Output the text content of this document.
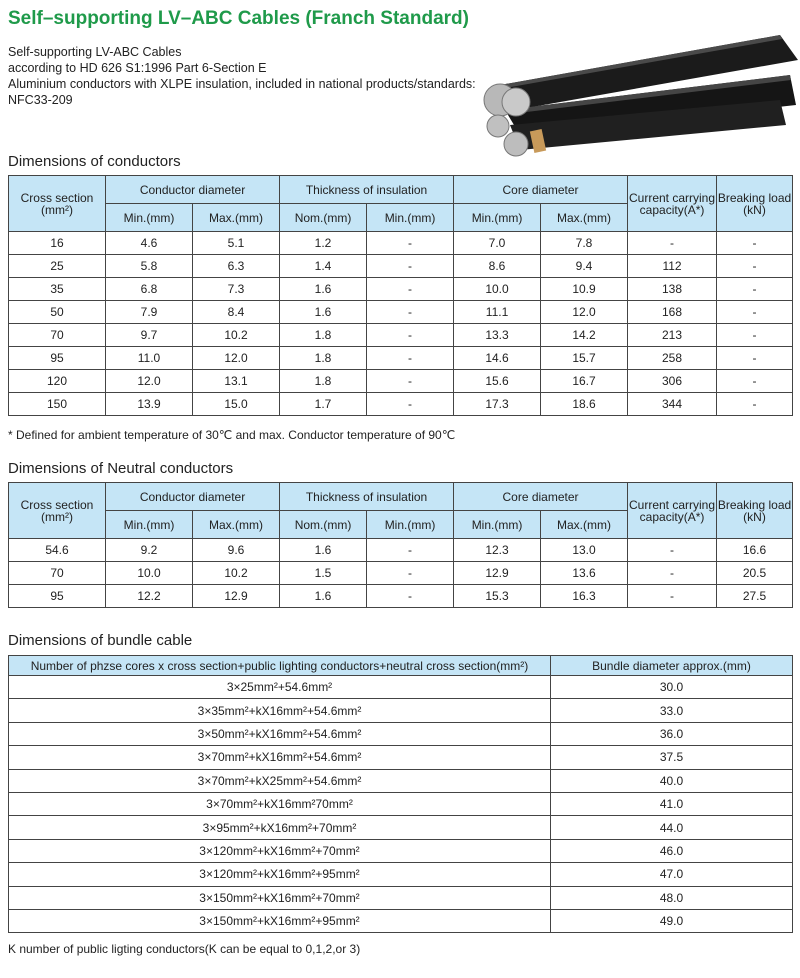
Self–supporting LV–ABC Cables (Franch Standard)
Self-supporting LV-ABC Cables
according to HD 626 S1:1996 Part 6-Section E
Aluminium conductors with XLPE insulation, included in national products/standards:
NFC33-209
Dimensions of conductors
Cross section
(mm²)	Conductor diameter		Thickness of insulation		Core diameter		Current carrying capacity(A*)	Breaking load
(kN)
	Min.(mm)	Max.(mm)	Nom.(mm)	Min.(mm)	Min.(mm)	Max.(mm)		
16	4.6	5.1	1.2	-	7.0	7.8	-	-
25	5.8	6.3	1.4	-	8.6	9.4	112	-
35	6.8	7.3	1.6	-	10.0	10.9	138	-
50	7.9	8.4	1.6	-	11.1	12.0	168	-
70	9.7	10.2	1.8	-	13.3	14.2	213	-
95	11.0	12.0	1.8	-	14.6	15.7	258	-
120	12.0	13.1	1.8	-	15.6	16.7	306	-
150	13.9	15.0	1.7	-	17.3	18.6	344	-

* Defined for ambient temperature of 30℃ and max. Conductor temperature of 90℃

Dimensions of Neutral conductors
Cross section
(mm²)	Conductor diameter		Thickness of insulation		Core diameter		Current carrying capacity(A*)	Breaking load
(kN)
	Min.(mm)	Max.(mm)	Nom.(mm)	Min.(mm)	Min.(mm)	Max.(mm)		
54.6	9.2	9.6	1.6	-	12.3	13.0	-	16.6
70	10.0	10.2	1.5	-	12.9	13.6	-	20.5
95	12.2	12.9	1.6	-	15.3	16.3	-	27.5
Dimensions of bundle cable
Number of phzse cores x cross section+public lighting conductors+neutral cross section(mm²)	Bundle diameter approx.(mm)
3×25mm²+54.6mm²	30.0
3×35mm²+kX16mm²+54.6mm²	33.0
3×50mm²+kX16mm²+54.6mm²	36.0
3×70mm²+kX16mm²+54.6mm²	37.5
3×70mm²+kX25mm²+54.6mm²	40.0
3×70mm²+kX16mm²70mm²	41.0
3×95mm²+kX16mm²+70mm²	44.0
3×120mm²+kX16mm²+70mm²	46.0
3×120mm²+kX16mm²+95mm²	47.0
3×150mm²+kX16mm²+70mm²	48.0
3×150mm²+kX16mm²+95mm²	49.0

K number of public ligting conductors(K can be equal to 0,1,2,or 3)
